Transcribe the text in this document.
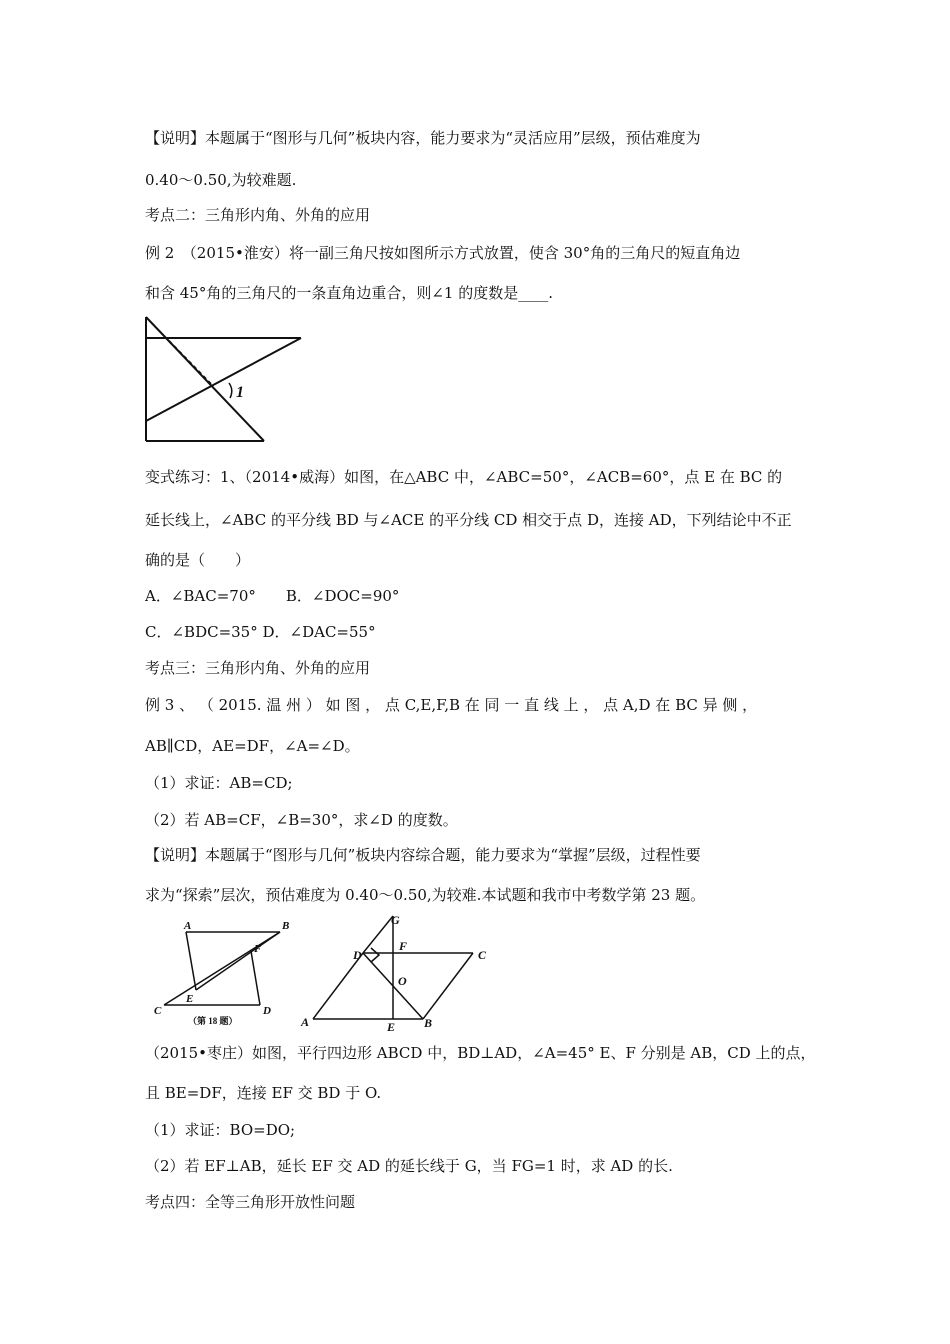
【说明】本题属于“图形与几何”板块内容，能力要求为“灵活应用”层级，预估难度为
0.40～0.50,为较难题.
考点二：三角形内角、外角的应用
例 2　（2015•淮安）将一副三角尺按如图所示方式放置，使含 30°角的三角尺的短直角边
和含 45°角的三角尺的一条直角边重合，则∠1 的度数是____.
1
变式练习：1、（2014•威海）如图，在△ABC 中，∠ABC=50°，∠ACB=60°，点 E 在 BC 的
延长线上，∠ABC 的平分线 BD 与∠ACE 的平分线 CD 相交于点 D，连接 AD，下列结论中不正
确的是（　　）
A．∠BAC=70°　　B．∠DOC=90°
C．∠BDC=35° D．∠DAC=55°
考点三：三角形内角、外角的应用
例 3 、 （ 2015. 温 州 ） 如 图 ， 点 C,E,F,B 在 同 一 直 线 上 ， 点 A,D 在 BC 异 侧 ，
AB∥CD，AE=DF，∠A=∠D。
（1）求证：AB=CD;
（2）若 AB=CF，∠B=30°，求∠D 的度数。
【说明】本题属于“图形与几何”板块内容综合题，能力要求为“掌握”层级，过程性要
求为“探索”层次，预估难度为 0.40～0.50,为较难.本试题和我市中考数学第 23 题。
A	B
C	D
E
F
（第 18 题）
G
F
D	C
O
A	E B
（2015•枣庄）如图，平行四边形 ABCD 中，BD⊥AD，∠A=45° E、F 分别是 AB，CD 上的点，
且 BE=DF，连接 EF 交 BD 于 O.
（1）求证：BO=DO;
（2）若 EF⊥AB，延长 EF 交 AD 的延长线于 G，当 FG=1 时，求 AD 的长.
考点四：全等三角形开放性问题
